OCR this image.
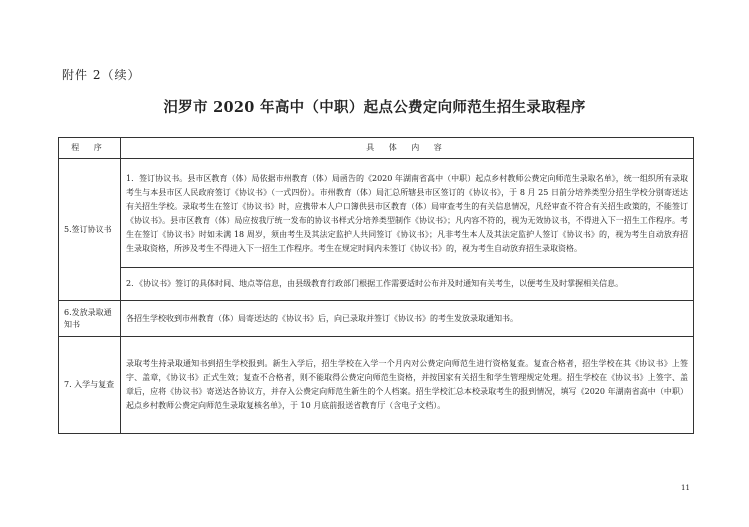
附件 2（续）
汨罗市 2020 年高中（中职）起点公费定向师范生招生录取程序
程 序	具 体 内 容
5.签订协议书	1．签订协议书。县市区教育（体）局依据市州教育（体）局函告的《2020 年湖南省高中（中职）起点乡村教师公费定向师范生录取名单》，统一组织所有录取考生与本县市区人民政府签订《协议书》（一式四份）。市州教育（体）局汇总所辖县市区签订的《协议书》，于 8 月 25 日前分培养类型分招生学校分别寄送达有关招生学校。录取考生在签订《协议书》时，应携带本人户口簿供县市区教育（体）局审查考生的有关信息情况，凡经审查不符合有关招生政策的，不能签订《协议书》。县市区教育（体）局应按我厅统一发布的协议书样式分培养类型制作《协议书》；凡内容不符的，视为无效协议书，不得进入下一招生工作程序。考生在签订《协议书》时如未满 18 周岁，须由考生及其法定监护人共同签订《协议书》；凡非考生本人及其法定监护人签订《协议书》的，视为考生自动放弃招生录取资格，所涉及考生不得进入下一招生工作程序。考生在规定时间内未签订《协议书》的，视为考生自动放弃招生录取资格。
	2．《协议书》签订的具体时间、地点等信息，由县级教育行政部门根据工作需要适时公布并及时通知有关考生，以便考生及时掌握相关信息。
6.发放录取通知书	各招生学校收到市州教育（体）局寄送达的《协议书》后，向已录取并签订《协议书》的考生发放录取通知书。
7. 入学与复查	录取考生持录取通知书到招生学校报到。新生入学后，招生学校在入学一个月内对公费定向师范生进行资格复查。复查合格者，招生学校在其《协议书》上签字、盖章，《协议书》正式生效；复查不合格者，则不能取得公费定向师范生资格，并按国家有关招生和学生管理规定处理。招生学校在《协议书》上签字、盖章后，应将《协议书》寄送达各协议方，并存入公费定向师范生新生的个人档案。招生学校汇总本校录取考生的报到情况，填写《2020 年湖南省高中（中职）起点乡村教师公费定向师范生录取复核名单》，于 10 月底前报送省教育厅（含电子文档）。
11
